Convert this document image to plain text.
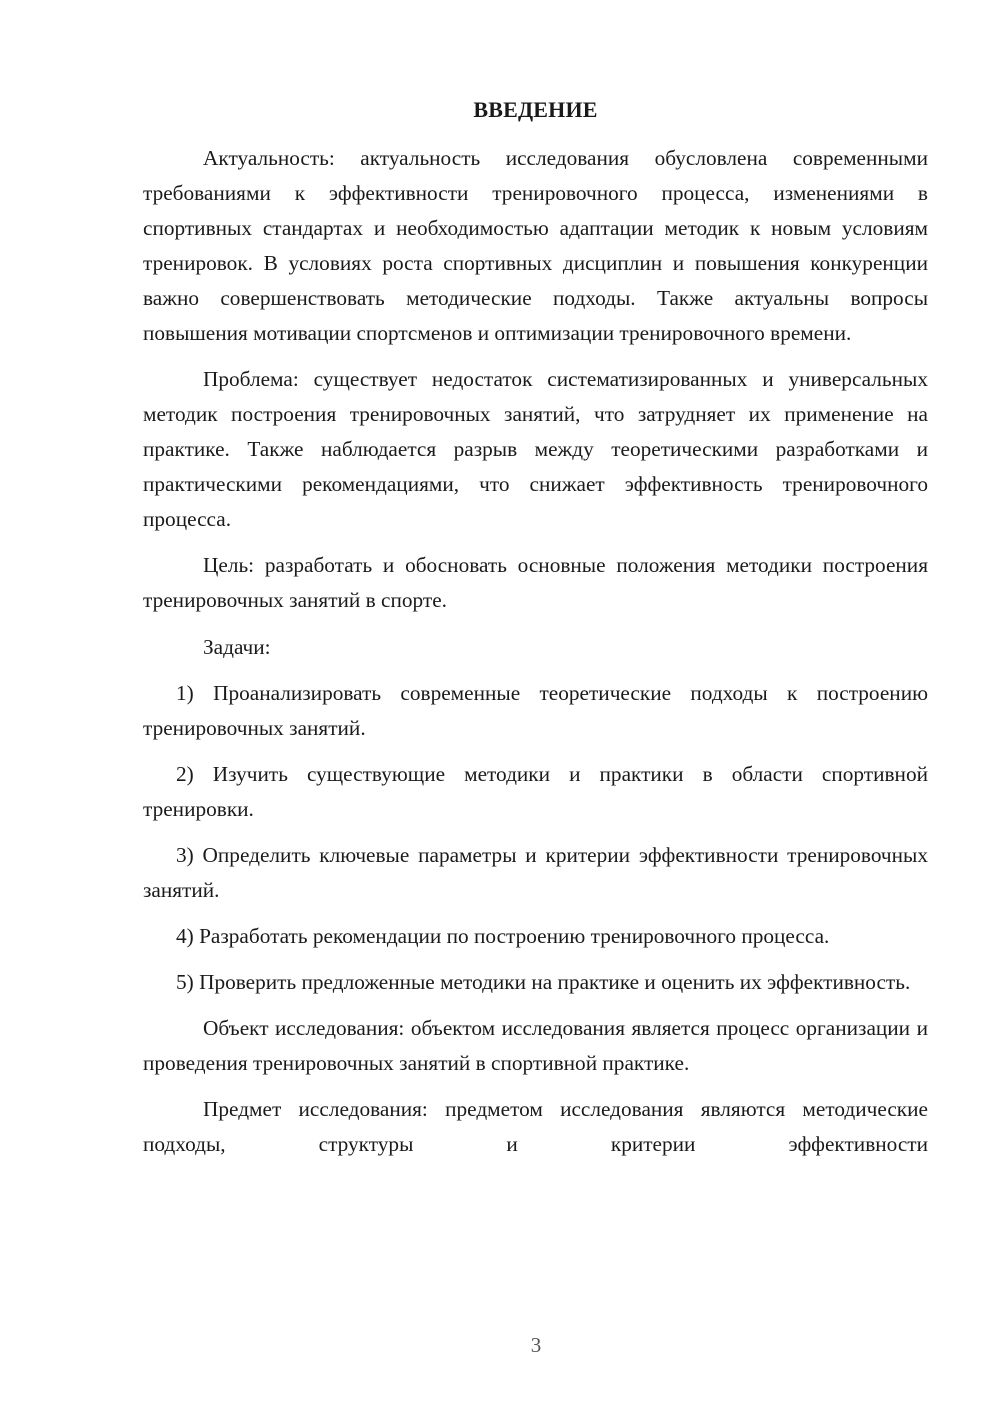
ВВЕДЕНИЕ

Актуальность: актуальность исследования обусловлена современными требованиями к эффективности тренировочного процесса, изменениями в спортивных стандартах и необходимостью адаптации методик к новым условиям тренировок. В условиях роста спортивных дисциплин и повышения конкуренции важно совершенствовать методические подходы. Также актуальны вопросы повышения мотивации спортсменов и оптимизации тренировочного времени.

Проблема: существует недостаток систематизированных и универсальных методик построения тренировочных занятий, что затрудняет их применение на практике. Также наблюдается разрыв между теоретическими разработками и практическими рекомендациями, что снижает эффективность тренировочного процесса.

Цель: разработать и обосновать основные положения методики построения тренировочных занятий в спорте.

Задачи:

1) Проанализировать современные теоретические подходы к построению тренировочных занятий.

2) Изучить существующие методики и практики в области спортивной тренировки.

3) Определить ключевые параметры и критерии эффективности тренировочных занятий.

4) Разработать рекомендации по построению тренировочного процесса.

5) Проверить предложенные методики на практике и оценить их эффективность.

Объект исследования: объектом исследования является процесс организации и проведения тренировочных занятий в спортивной практике.

Предмет исследования: предметом исследования являются методические подходы, структуры и критерии эффективности

3
